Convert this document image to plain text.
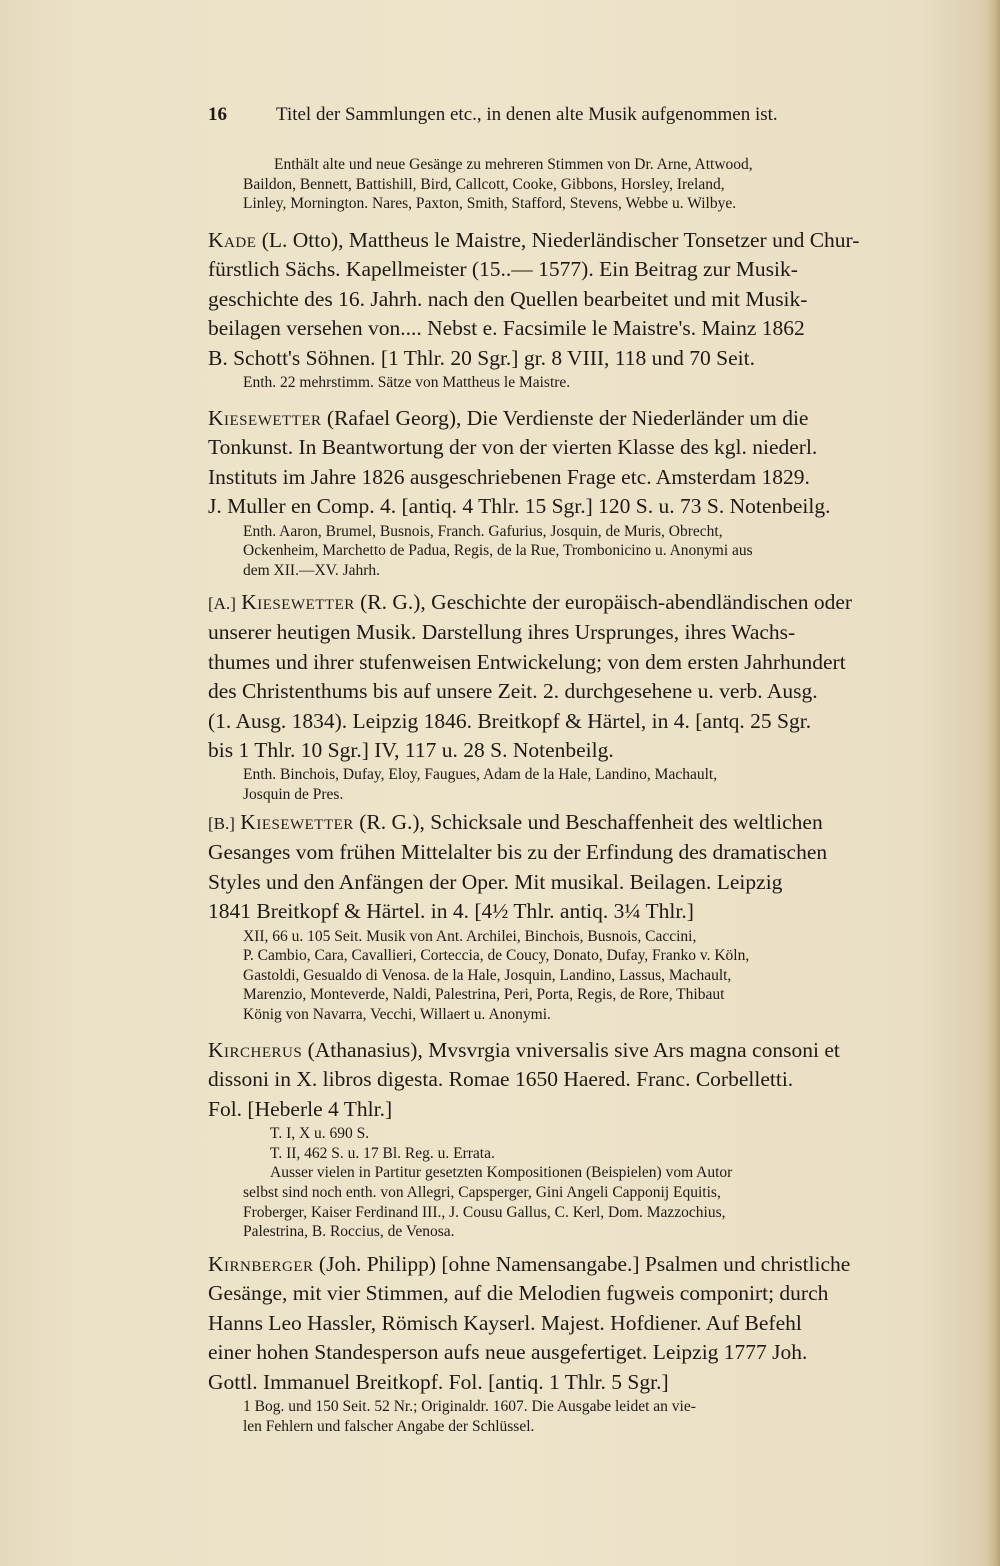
16	Titel der Sammlungen etc., in denen alte Musik aufgenommen ist.

Enthält alte und neue Gesänge zu mehreren Stimmen von Dr. Arne, Attwood,

Baildon, Bennett, Battishill, Bird, Callcott, Cooke, Gibbons, Horsley, Ireland,

Linley, Mornington. Nares, Paxton, Smith, Stafford, Stevens, Webbe u. Wilbye.

Kade (L. Otto), Mattheus le Maistre, Niederländischer Tonsetzer und Chur-

fürstlich Sächs. Kapellmeister (15..— 1577). Ein Beitrag zur Musik-

geschichte des 16. Jahrh. nach den Quellen bearbeitet und mit Musik-

beilagen versehen von.... Nebst e. Facsimile le Maistre's. Mainz 1862

B. Schott's Söhnen. [1 Thlr. 20 Sgr.] gr. 8 VIII, 118 und 70 Seit.

Enth. 22 mehrstimm. Sätze von Mattheus le Maistre.

Kiesewetter (Rafael Georg), Die Verdienste der Niederländer um die

Tonkunst. In Beantwortung der von der vierten Klasse des kgl. niederl.

Instituts im Jahre 1826 ausgeschriebenen Frage etc. Amsterdam 1829.

J. Muller en Comp. 4. [antiq. 4 Thlr. 15 Sgr.] 120 S. u. 73 S. Notenbeilg.

Enth. Aaron, Brumel, Busnois, Franch. Gafurius, Josquin, de Muris, Obrecht,

Ockenheim, Marchetto de Padua, Regis, de la Rue, Trombonicino u. Anonymi aus

dem XII.—XV. Jahrh.

[A.] Kiesewetter (R. G.), Geschichte der europäisch-abendländischen oder

unserer heutigen Musik. Darstellung ihres Ursprunges, ihres Wachs-

thumes und ihrer stufenweisen Entwickelung; von dem ersten Jahrhundert

des Christenthums bis auf unsere Zeit. 2. durchgesehene u. verb. Ausg.

(1. Ausg. 1834). Leipzig 1846. Breitkopf & Härtel, in 4. [antq. 25 Sgr.

bis 1 Thlr. 10 Sgr.] IV, 117 u. 28 S. Notenbeilg.

Enth. Binchois, Dufay, Eloy, Faugues, Adam de la Hale, Landino, Machault,

Josquin de Pres.

[B.] Kiesewetter (R. G.), Schicksale und Beschaffenheit des weltlichen

Gesanges vom frühen Mittelalter bis zu der Erfindung des dramatischen

Styles und den Anfängen der Oper. Mit musikal. Beilagen. Leipzig

1841 Breitkopf & Härtel. in 4. [4½ Thlr. antiq. 3¼ Thlr.]

XII, 66 u. 105 Seit. Musik von Ant. Archilei, Binchois, Busnois, Caccini,

P. Cambio, Cara, Cavallieri, Corteccia, de Coucy, Donato, Dufay, Franko v. Köln,

Gastoldi, Gesualdo di Venosa. de la Hale, Josquin, Landino, Lassus, Machault,

Marenzio, Monteverde, Naldi, Palestrina, Peri, Porta, Regis, de Rore, Thibaut

König von Navarra, Vecchi, Willaert u. Anonymi.

Kircherus (Athanasius), Mvsvrgia vniversalis sive Ars magna consoni et

dissoni in X. libros digesta. Romae 1650 Haered. Franc. Corbelletti.

Fol. [Heberle 4 Thlr.]

T. I, X u. 690 S.

T. II, 462 S. u. 17 Bl. Reg. u. Errata.

Ausser vielen in Partitur gesetzten Kompositionen (Beispielen) vom Autor

selbst sind noch enth. von Allegri, Capsperger, Gini Angeli Capponij Equitis,

Froberger, Kaiser Ferdinand III., J. Cousu Gallus, C. Kerl, Dom. Mazzochius,

Palestrina, B. Roccius, de Venosa.

Kirnberger (Joh. Philipp) [ohne Namensangabe.] Psalmen und christliche

Gesänge, mit vier Stimmen, auf die Melodien fugweis componirt; durch

Hanns Leo Hassler, Römisch Kayserl. Majest. Hofdiener. Auf Befehl

einer hohen Standesperson aufs neue ausgefertiget. Leipzig 1777 Joh.

Gottl. Immanuel Breitkopf. Fol. [antiq. 1 Thlr. 5 Sgr.]

1 Bog. und 150 Seit. 52 Nr.; Originaldr. 1607. Die Ausgabe leidet an vie-

len Fehlern und falscher Angabe der Schlüssel.
